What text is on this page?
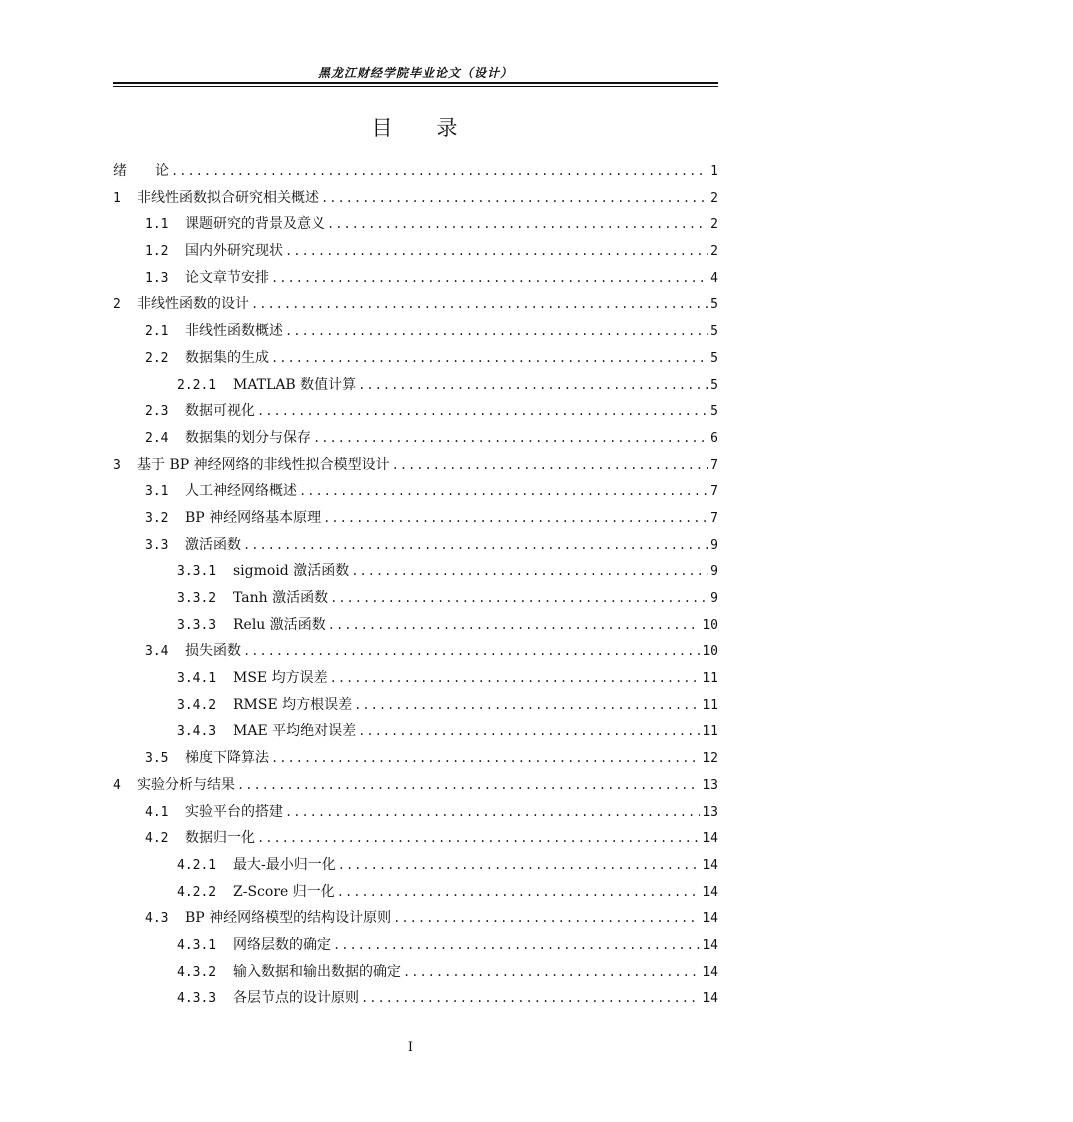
黑龙江财经学院毕业论文（设计）
目 录
绪　　论 .....	1
1	非线性函数拟合研究相关概述 .....	2
1.1	课题研究的背景及意义 .....	2
1.2	国内外研究现状 .....	2
1.3	论文章节安排 .....	4
2	非线性函数的设计 .....	5
2.1	非线性函数概述 .....	5
2.2	数据集的生成 .....	5
2.2.1	MATLAB 数值计算 .....	5
2.3	数据可视化 .....	5
2.4	数据集的划分与保存 .....	6
3	基于 BP 神经网络的非线性拟合模型设计 .....	7
3.1	人工神经网络概述 .....	7
3.2	BP 神经网络基本原理 .....	7
3.3	激活函数 .....	9
3.3.1	sigmoid 激活函数 .....	9
3.3.2	Tanh 激活函数 .....	9
3.3.3	Relu 激活函数 .....	10
3.4	损失函数 .....	10
3.4.1	MSE 均方误差 .....	11
3.4.2	RMSE 均方根误差 .....	11
3.4.3	MAE 平均绝对误差 .....	11
3.5	梯度下降算法 .....	12
4	实验分析与结果 .....	13
4.1	实验平台的搭建 .....	13
4.2	数据归一化 .....	14
4.2.1	最大-最小归一化 .....	14
4.2.2	Z-Score 归一化 .....	14
4.3	BP 神经网络模型的结构设计原则 .....	14
4.3.1	网络层数的确定 .....	14
4.3.2	输入数据和输出数据的确定 .....	14
4.3.3	各层节点的设计原则 .....	14
I
